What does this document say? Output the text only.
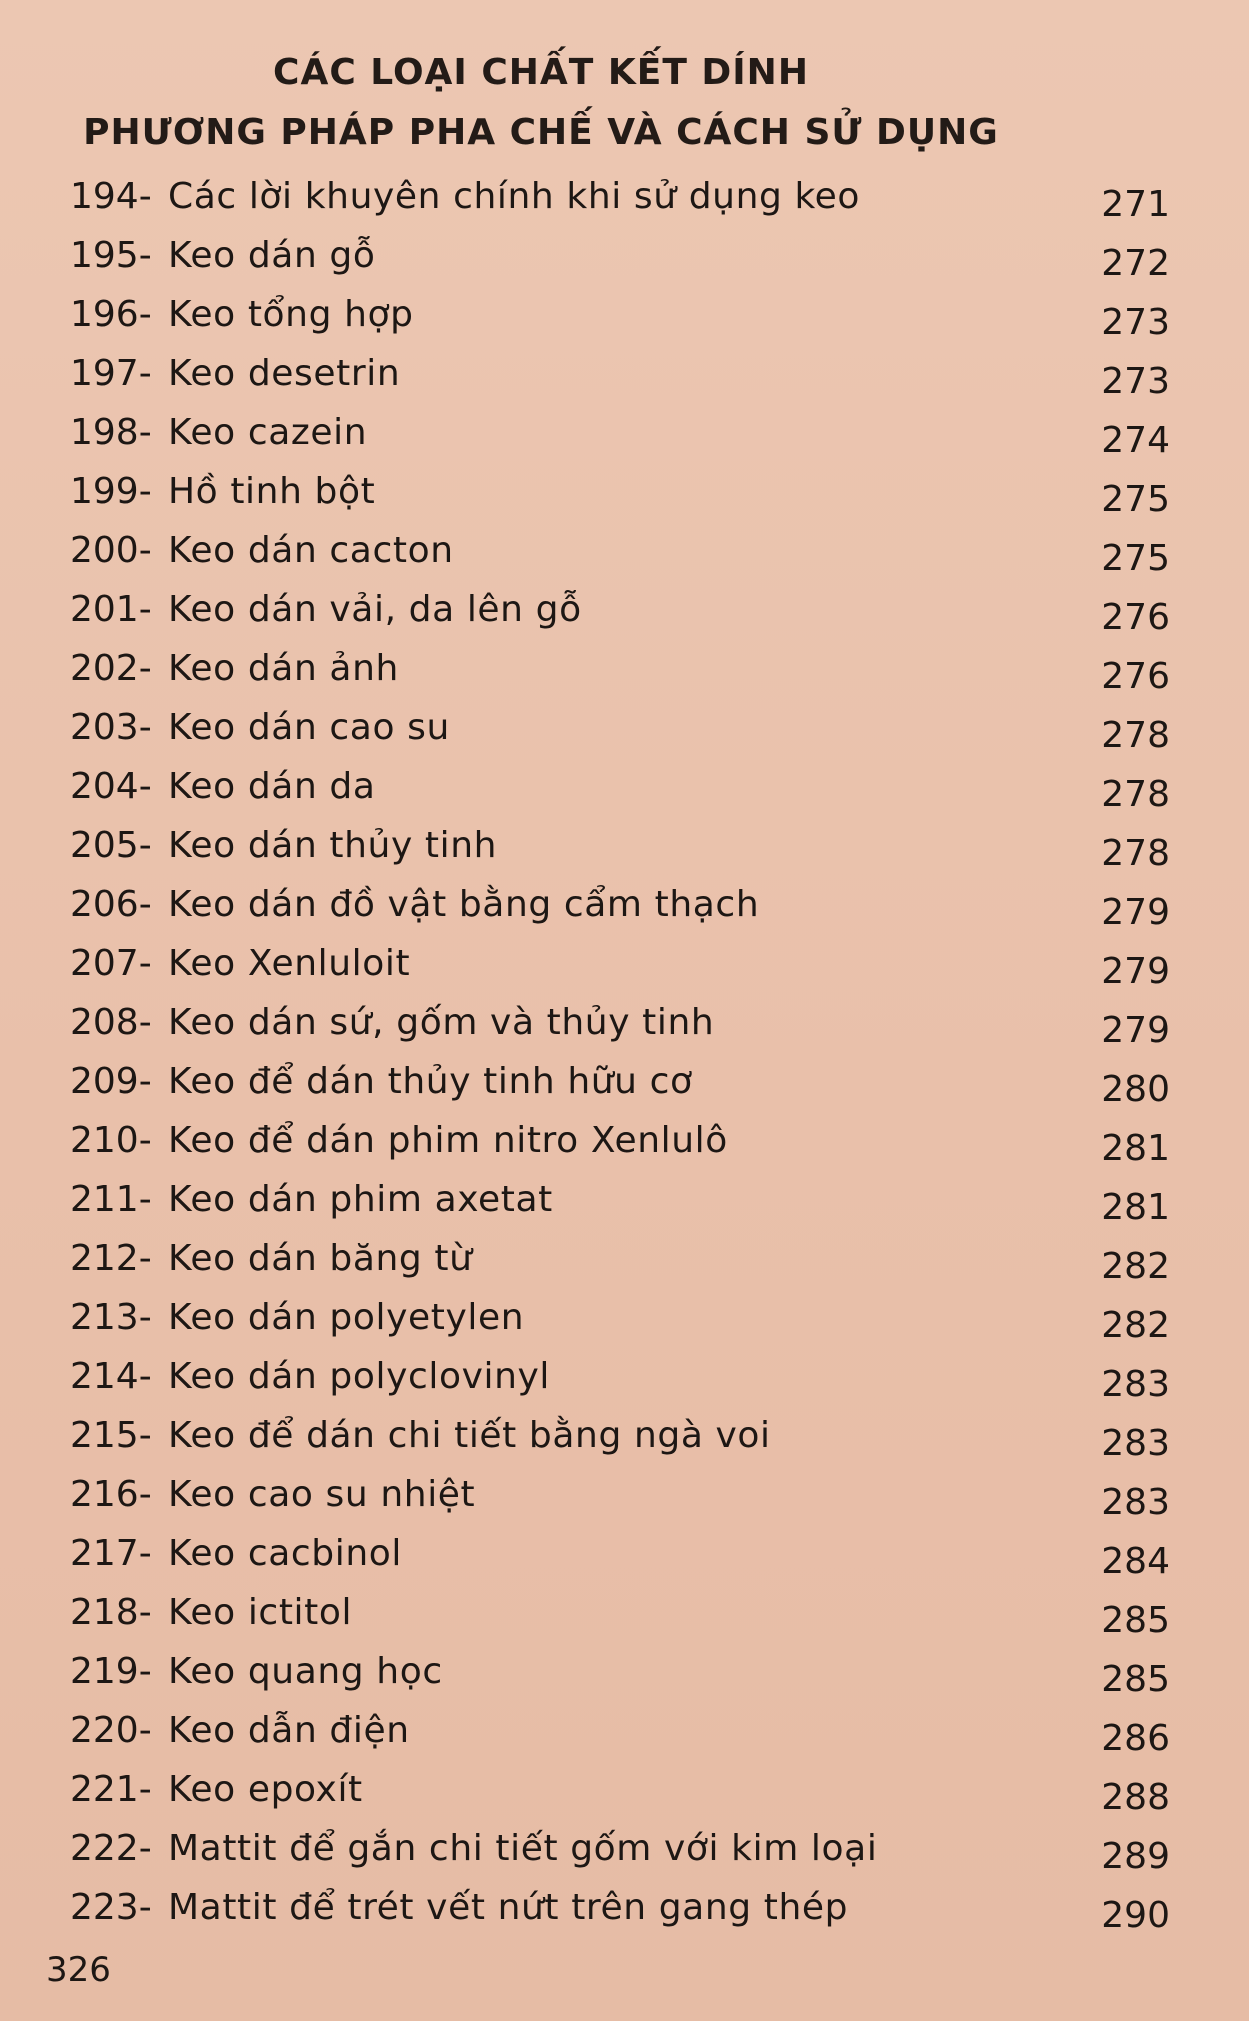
CÁC LOẠI CHẤT KẾT DÍNH
PHƯƠNG PHÁP PHA CHẾ VÀ CÁCH SỬ DỤNG
194- Các lời khuyên chính khi sử dụng keo	271
195- Keo dán gỗ	272
196- Keo tổng hợp	273
197- Keo desetrin	273
198- Keo cazein	274
199- Hồ tinh bột	275
200- Keo dán cacton	275
201- Keo dán vải, da lên gỗ	276
202- Keo dán ảnh	276
203- Keo dán cao su	278
204- Keo dán da	278
205- Keo dán thủy tinh	278
206- Keo dán đồ vật bằng cẩm thạch	279
207- Keo Xenluloit	279
208- Keo dán sứ, gốm và thủy tinh	279
209- Keo để dán thủy tinh hữu cơ	280
210- Keo để dán phim nitro Xenlulô	281
211- Keo dán phim axetat	281
212- Keo dán băng từ	282
213- Keo dán polyetylen	282
214- Keo dán polyclovinyl	283
215- Keo để dán chi tiết bằng ngà voi	283
216- Keo cao su nhiệt	283
217- Keo cacbinol	284
218- Keo ictitol	285
219- Keo quang học	285
220- Keo dẫn điện	286
221- Keo epoxít	288
222- Mattit để gắn chi tiết gốm với kim loại	289
223- Mattit để trét vết nứt trên gang thép	290
326
